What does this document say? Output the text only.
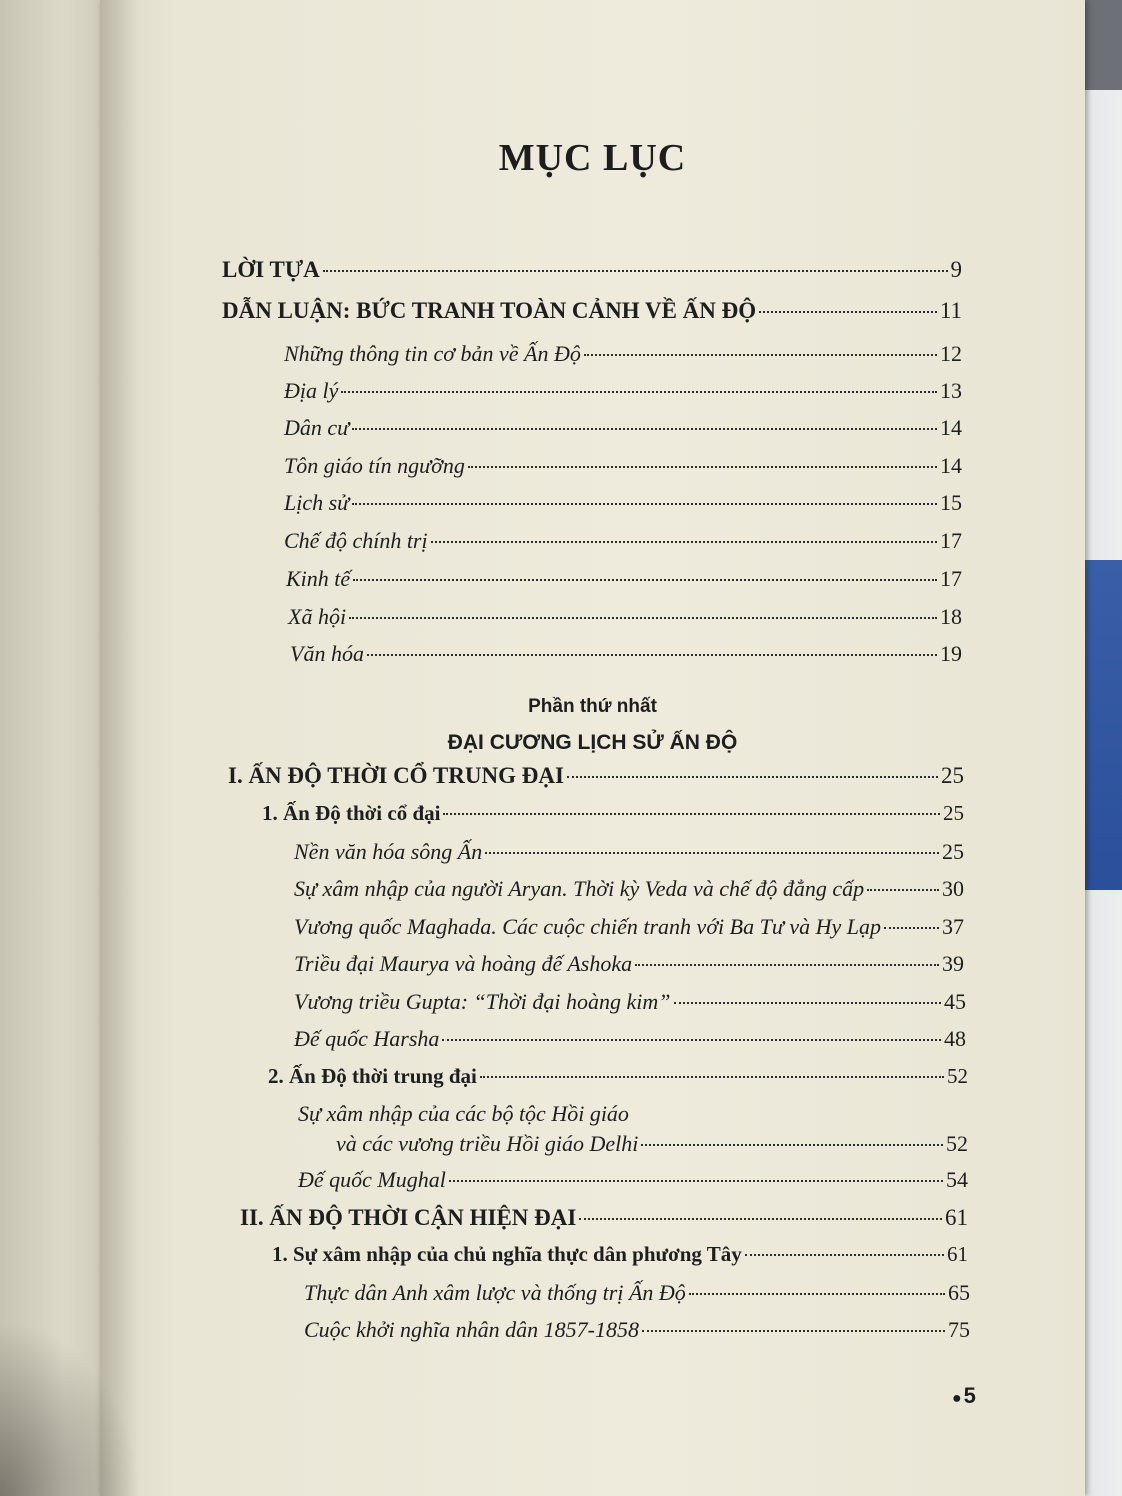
MỤC LỤC
LỜI TỰA	9
DẪN LUẬN: BỨC TRANH TOÀN CẢNH VỀ ẤN ĐỘ	11
Những thông tin cơ bản về Ấn Độ	12
Địa lý	13
Dân cư	14
Tôn giáo tín ngưỡng	14
Lịch sử	15
Chế độ chính trị	17
Kinh tế	17
Xã hội	18
Văn hóa	19
Phần thứ nhất
ĐẠI CƯƠNG LỊCH SỬ ẤN ĐỘ
I. ẤN ĐỘ THỜI CỔ TRUNG ĐẠI	25
1. Ấn Độ thời cổ đại	25
Nền văn hóa sông Ấn	25
Sự xâm nhập của người Aryan. Thời kỳ Veda và chế độ đẳng cấp	30
Vương quốc Maghada. Các cuộc chiến tranh với Ba Tư và Hy Lạp	37
Triều đại Maurya và hoàng đế Ashoka	39
Vương triều Gupta: “Thời đại hoàng kim”	45
Đế quốc Harsha	48
2. Ấn Độ thời trung đại	52
Sự xâm nhập của các bộ tộc Hồi giáo
và các vương triều Hồi giáo Delhi	52
Đế quốc Mughal	54
II. ẤN ĐỘ THỜI CẬN HIỆN ĐẠI	61
1. Sự xâm nhập của chủ nghĩa thực dân phương Tây	61
Thực dân Anh xâm lược và thống trị Ấn Độ	65
Cuộc khởi nghĩa nhân dân 1857-1858	75
●5
